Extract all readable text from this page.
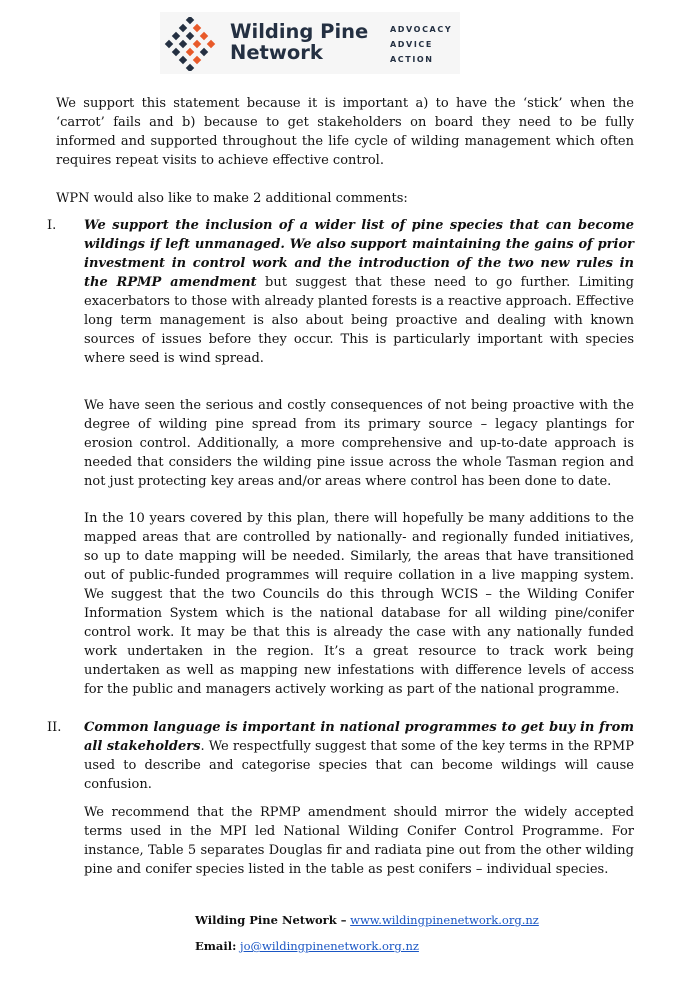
Wilding Pine
Network
ADVOCACY
ADVICE
ACTION

We support this statement because it is important a) to have the ‘stick’ when the ‘carrot’ fails and b) because to get stakeholders on board they need to be fully informed and supported throughout the life cycle of wilding management which often requires repeat visits to achieve effective control.

WPN would also like to make 2 additional comments:

I. We support the inclusion of a wider list of pine species that can become wildings if left unmanaged. We also support maintaining the gains of prior investment in control work and the introduction of the two new rules in the RPMP amendment but suggest that these need to go further. Limiting exacerbators to those with already planted forests is a reactive approach. Effective long term management is also about being proactive and dealing with known sources of issues before they occur. This is particularly important with species where seed is wind spread.

We have seen the serious and costly consequences of not being proactive with the degree of wilding pine spread from its primary source – legacy plantings for erosion control. Additionally, a more comprehensive and up-to-date approach is needed that considers the wilding pine issue across the whole Tasman region and not just protecting key areas and/or areas where control has been done to date.

In the 10 years covered by this plan, there will hopefully be many additions to the mapped areas that are controlled by nationally- and regionally funded initiatives, so up to date mapping will be needed. Similarly, the areas that have transitioned out of public-funded programmes will require collation in a live mapping system. We suggest that the two Councils do this through WCIS – the Wilding Conifer Information System which is the national database for all wilding pine/conifer control work. It may be that this is already the case with any nationally funded work undertaken in the region. It’s a great resource to track work being undertaken as well as mapping new infestations with difference levels of access for the public and managers actively working as part of the national programme.

II. Common language is important in national programmes to get buy in from all stakeholders. We respectfully suggest that some of the key terms in the RPMP used to describe and categorise species that can become wildings will cause confusion.

We recommend that the RPMP amendment should mirror the widely accepted terms used in the MPI led National Wilding Conifer Control Programme. For instance, Table 5 separates Douglas fir and radiata pine out from the other wilding pine and conifer species listed in the table as pest conifers – individual species.

Wilding Pine Network – www.wildingpinenetwork.org.nz
Email: jo@wildingpinenetwork.org.nz
